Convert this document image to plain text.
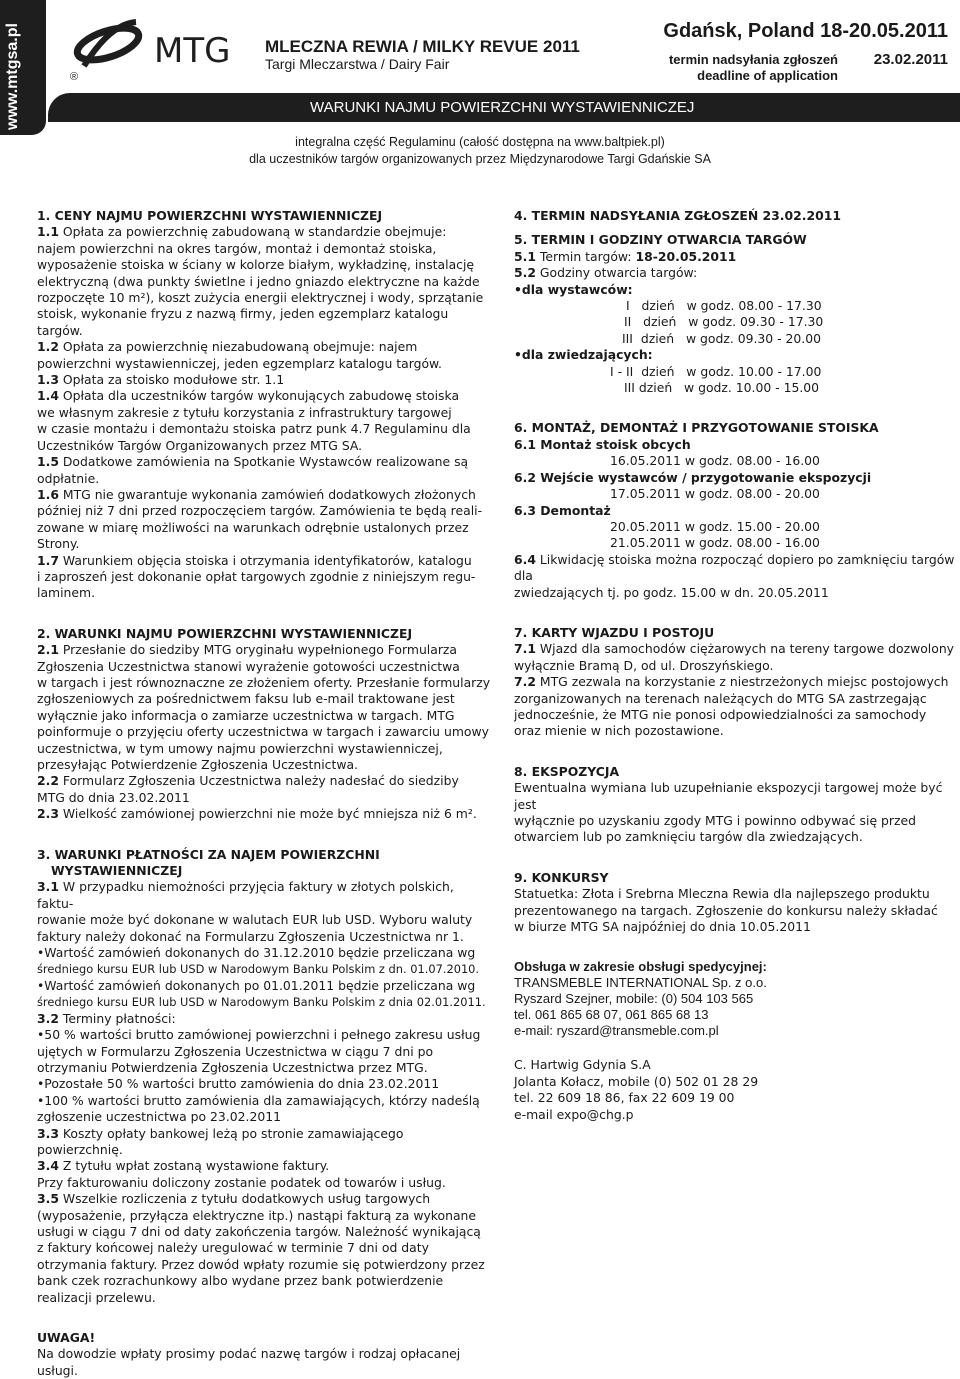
www.mtgsa.pl	®
MTG MLECZNA REWIA / MILKY REVUE 2011
Targi Mleczarstwa / Dairy Fair
Gdańsk, Poland 18-20.05.2011
termin nadsyłania zgłoszeń
deadline of application
23.02.2011
WARUNKI NAJMU POWIERZCHNI WYSTAWIENNICZEJ
integralna część Regulaminu (całość dostępna na www.baltpiek.pl)
dla uczestników targów organizowanych przez Międzynarodowe Targi Gdańskie SA
1. CENY NAJMU POWIERZCHNI WYSTAWIENNICZEJ
1.1 Opłata za powierzchnię zabudowaną w standardzie obejmuje:
najem powierzchni na okres targów, montaż i demontaż stoiska,
wyposażenie stoiska w ściany w kolorze białym, wykładzinę, instalację
elektryczną (dwa punkty świetlne i jedno gniazdo elektryczne na każde
rozpoczęte 10 m²), koszt zużycia energii elektrycznej i wody, sprzątanie
stoisk, wykonanie fryzu z nazwą firmy, jeden egzemplarz katalogu targów.
1.2 Opłata za powierzchnię niezabudowaną obejmuje: najem
powierzchni wystawienniczej, jeden egzemplarz katalogu targów.
1.3 Opłata za stoisko modułowe str. 1.1
1.4 Opłata dla uczestników targów wykonujących zabudowę stoiska
we własnym zakresie z tytułu korzystania z infrastruktury targowej
w czasie montażu i demontażu stoiska patrz punk 4.7 Regulaminu dla
Uczestników Targów Organizowanych przez MTG SA.
1.5 Dodatkowe zamówienia na Spotkanie Wystawców realizowane są
odpłatnie.
1.6 MTG nie gwarantuje wykonania zamówień dodatkowych złożonych
później niż 7 dni przed rozpoczęciem targów. Zamówienia te będą reali-
zowane w miarę możliwości na warunkach odrębnie ustalonych przez
Strony.
1.7 Warunkiem objęcia stoiska i otrzymania identyfikatorów, katalogu
i zaproszeń jest dokonanie opłat targowych zgodnie z niniejszym regu-
laminem.
2. WARUNKI NAJMU POWIERZCHNI WYSTAWIENNICZEJ
2.1 Przesłanie do siedziby MTG oryginału wypełnionego Formularza
Zgłoszenia Uczestnictwa stanowi wyrażenie gotowości uczestnictwa
w targach i jest równoznaczne ze złożeniem oferty. Przesłanie formularzy
zgłoszeniowych za pośrednictwem faksu lub e-mail traktowane jest
wyłącznie jako informacja o zamiarze uczestnictwa w targach. MTG
poinformuje o przyjęciu oferty uczestnictwa w targach i zawarciu umowy
uczestnictwa, w tym umowy najmu powierzchni wystawienniczej,
przesyłając Potwierdzenie Zgłoszenia Uczestnictwa.
2.2 Formularz Zgłoszenia Uczestnictwa należy nadesłać do siedziby
MTG do dnia 23.02.2011
2.3 Wielkość zamówionej powierzchni nie może być mniejsza niż 6 m².
3. WARUNKI PŁATNOŚCI ZA NAJEM POWIERZCHNI
WYSTAWIENNICZEJ
3.1 W przypadku niemożności przyjęcia faktury w złotych polskich,
faktu-
rowanie może być dokonane w walutach EUR lub USD. Wyboru waluty
faktury należy dokonać na Formularzu Zgłoszenia Uczestnictwa nr 1.
•Wartość zamówień dokonanych do 31.12.2010 będzie przeliczana wg
średniego kursu EUR lub USD w Narodowym Banku Polskim z dn. 01.07.2010.
•Wartość zamówień dokonanych po 01.01.2011 będzie przeliczana wg
średniego kursu EUR lub USD w Narodowym Banku Polskim z dnia 02.01.2011.
3.2 Terminy płatności:
•50 % wartości brutto zamówionej powierzchni i pełnego zakresu usług
ujętych w Formularzu Zgłoszenia Uczestnictwa w ciągu 7 dni po
otrzymaniu Potwierdzenia Zgłoszenia Uczestnictwa przez MTG.
•Pozostałe 50 % wartości brutto zamówienia do dnia 23.02.2011
•100 % wartości brutto zamówienia dla zamawiających, którzy nadeślą
zgłoszenie uczestnictwa po 23.02.2011
3.3 Koszty opłaty bankowej leżą po stronie zamawiającego powierzchnię.
3.4 Z tytułu wpłat zostaną wystawione faktury.
Przy fakturowaniu doliczony zostanie podatek od towarów i usług.
3.5 Wszelkie rozliczenia z tytułu dodatkowych usług targowych
(wyposażenie, przyłącza elektryczne itp.) nastąpi fakturą za wykonane
usługi w ciągu 7 dni od daty zakończenia targów. Należność wynikającą
z faktury końcowej należy uregulować w terminie 7 dni od daty
otrzymania faktury. Przez dowód wpłaty rozumie się potwierdzony przez
bank czek rozrachunkowy albo wydane przez bank potwierdzenie
realizacji przelewu.
UWAGA!
Na dowodzie wpłaty prosimy podać nazwę targów i rodzaj opłacanej
usługi.
4. TERMIN NADSYŁANIA ZGŁOSZEŃ 23.02.2011
5. TERMIN I GODZINY OTWARCIA TARGÓW
5.1 Termin targów: 18-20.05.2011
5.2 Godziny otwarcia targów:
•dla wystawców:
I   dzień   w godz. 08.00 - 17.30
II   dzień   w godz. 09.30 - 17.30
III  dzień   w godz. 09.30 - 20.00
•dla zwiedzających:
I - II  dzień   w godz. 10.00 - 17.00
III dzień   w godz. 10.00 - 15.00
6. MONTAŻ, DEMONTAŻ I PRZYGOTOWANIE STOISKA
6.1 Montaż stoisk obcych
16.05.2011 w godz. 08.00 - 16.00
6.2 Wejście wystawców / przygotowanie ekspozycji
17.05.2011 w godz. 08.00 - 20.00
6.3 Demontaż
20.05.2011 w godz. 15.00 - 20.00
21.05.2011 w godz. 08.00 - 16.00
6.4 Likwidację stoiska można rozpocząć dopiero po zamknięciu targów dla
zwiedzających tj. po godz. 15.00 w dn. 20.05.2011
7. KARTY WJAZDU I POSTOJU
7.1 Wjazd dla samochodów ciężarowych na tereny targowe dozwolony
wyłącznie Bramą D, od ul. Droszyńskiego.
7.2 MTG zezwala na korzystanie z niestrzeżonych miejsc postojowych
zorganizowanych na terenach należących do MTG SA zastrzegając
jednocześnie, że MTG nie ponosi odpowiedzialności za samochody
oraz mienie w nich pozostawione.
8. EKSPOZYCJA
Ewentualna wymiana lub uzupełnianie ekspozycji targowej może być jest
wyłącznie po uzyskaniu zgody MTG i powinno odbywać się przed
otwarciem lub po zamknięciu targów dla zwiedzających.
9. KONKURSY
Statuetka: Złota i Srebrna Mleczna Rewia dla najlepszego produktu
prezentowanego na targach. Zgłoszenie do konkursu należy składać
w biurze MTG SA najpóźniej do dnia 10.05.2011
Obsługa w zakresie obsługi spedycyjnej:
TRANSMEBLE INTERNATIONAL Sp. z o.o.
Ryszard Szejner, mobile: (0) 504 103 565
tel. 061 865 68 07, 061 865 68 13
e-mail: ryszard@transmeble.com.pl
C. Hartwig Gdynia S.A
Jolanta Kołacz, mobile (0) 502 01 28 29
tel. 22 609 18 86, fax 22 609 19 00
e-mail expo@chg.p
